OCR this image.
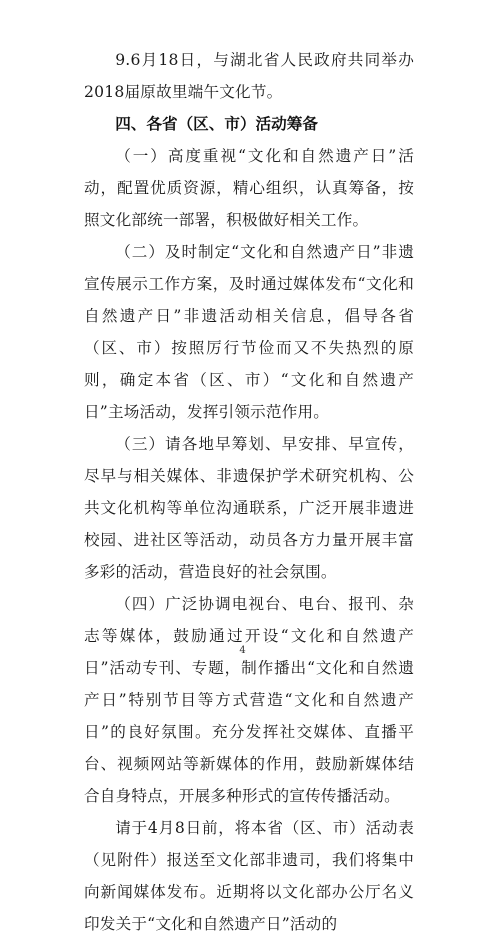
9.6月18日，与湖北省人民政府共同举办2018届原故里端午文化节。

四、各省（区、市）活动筹备

（一）高度重视“文化和自然遗产日”活动，配置优质资源，精心组织，认真筹备，按照文化部统一部署，积极做好相关工作。

（二）及时制定“文化和自然遗产日”非遗宣传展示工作方案，及时通过媒体发布“文化和自然遗产日”非遗活动相关信息，倡导各省（区、市）按照厉行节俭而又不失热烈的原则，确定本省（区、市）“文化和自然遗产日”主场活动，发挥引领示范作用。

（三）请各地早筹划、早安排、早宣传，尽早与相关媒体、非遗保护学术研究机构、公共文化机构等单位沟通联系，广泛开展非遗进校园、进社区等活动，动员各方力量开展丰富多彩的活动，营造良好的社会氛围。

（四）广泛协调电视台、电台、报刊、杂志等媒体，鼓励通过开设“文化和自然遗产日”活动专刊、专题，制作播出“文化和自然遗产日”特别节目等方式营造“文化和自然遗产日”的良好氛围。充分发挥社交媒体、直播平台、视频网站等新媒体的作用，鼓励新媒体结合自身特点，开展多种形式的宣传传播活动。

请于4月8日前，将本省（区、市）活动表（见附件）报送至文化部非遗司，我们将集中向新闻媒体发布。近期将以文化部办公厅名义印发关于“文化和自然遗产日”活动的

4
